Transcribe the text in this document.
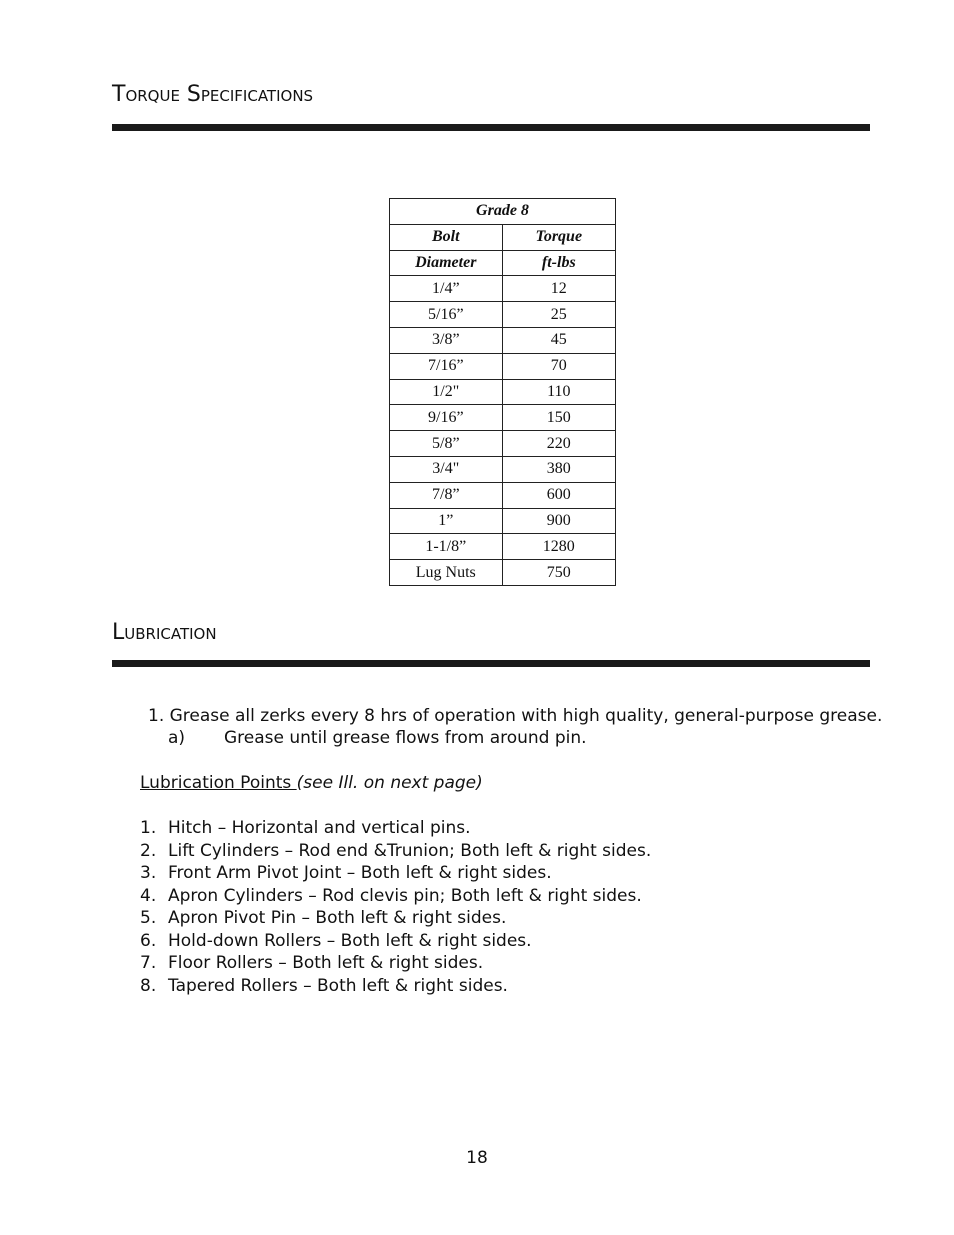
Torque Specifications
Grade 8	
Bolt	Torque
Diameter	ft-lbs
1/4”	12
5/16”	25
3/8”	45
7/16”	70
1/2"	110
9/16”	150
5/8”	220
3/4"	380
7/8”	600
1”	900
1-1/8”	1280
Lug Nuts	750
Lubrication
1. Grease all zerks every 8 hrs of operation with high quality, general-purpose grease.
a) Grease until grease flows from around pin.
Lubrication Points (see Ill. on next page)
1. Hitch – Horizontal and vertical pins.
2. Lift Cylinders – Rod end &Trunion; Both left & right sides.
3. Front Arm Pivot Joint – Both left & right sides.
4. Apron Cylinders – Rod clevis pin; Both left & right sides.
5. Apron Pivot Pin – Both left & right sides.
6. Hold-down Rollers – Both left & right sides.
7. Floor Rollers – Both left & right sides.
8. Tapered Rollers – Both left & right sides.
18
